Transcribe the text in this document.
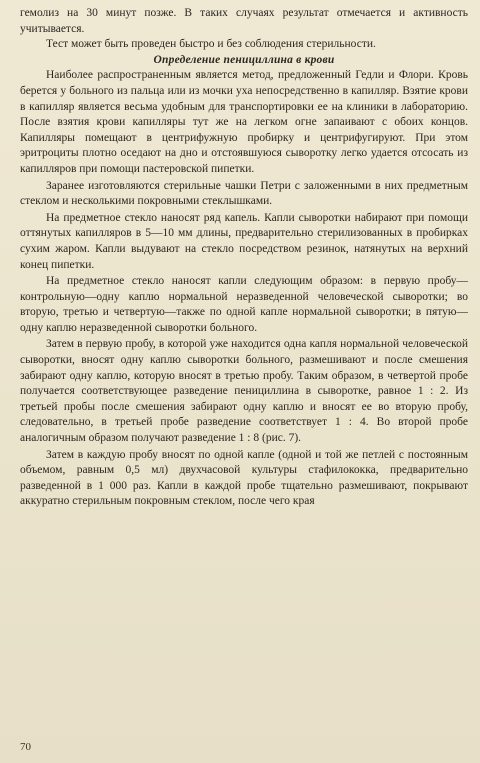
гемолиз на 30 минут позже. В таких случаях результат отмечается и активность учитывается.

Тест может быть проведен быстро и без соблюдения стерильности.

Определение пенициллина в крови

Наиболее распространенным является метод, предложенный Гедли и Флори. Кровь берется у больного из пальца или из мочки уха непосредственно в капилляр. Взятие крови в капилляр является весьма удобным для транспортировки ее на клиники в лабораторию. После взятия крови капилляры тут же на легком огне запаивают с обоих концов. Капилляры помещают в центрифужную пробирку и центрифугируют. При этом эритроциты плотно оседают на дно и отстоявшуюся сыворотку легко удается отсосать из капилляров при помощи пастеровской пипетки.

Заранее изготовляются стерильные чашки Петри с заложенными в них предметным стеклом и несколькими покровными стеклышками.

На предметное стекло наносят ряд капель. Капли сыворотки набирают при помощи оттянутых капилляров в 5—10 мм длины, предварительно стерилизованных в пробирках сухим жаром. Капли выдувают на стекло посредством резинок, натянутых на верхний конец пипетки.

На предметное стекло наносят капли следующим образом: в первую пробу—контрольную—одну каплю нормальной неразведенной человеческой сыворотки; во вторую, третью и четвертую—также по одной капле нормальной сыворотки; в пятую—одну каплю неразведенной сыворотки больного.

Затем в первую пробу, в которой уже находится одна капля нормальной человеческой сыворотки, вносят одну каплю сыворотки больного, размешивают и после смешения забирают одну каплю, которую вносят в третью пробу. Таким образом, в четвертой пробе получается соответствующее разведение пенициллина в сыворотке, равное 1 : 2. Из третьей пробы после смешения забирают одну каплю и вносят ее во вторую пробу, следовательно, в третьей пробе разведение соответствует 1 : 4. Во второй пробе аналогичным образом получают разведение 1 : 8 (рис. 7).

Затем в каждую пробу вносят по одной капле (одной и той же петлей с постоянным объемом, равным 0,5 мл) двухчасовой культуры стафилококка, предварительно разведенной в 1 000 раз. Капли в каждой пробе тщательно размешивают, покрывают аккуратно стерильным покровным стеклом, после чего края

70
